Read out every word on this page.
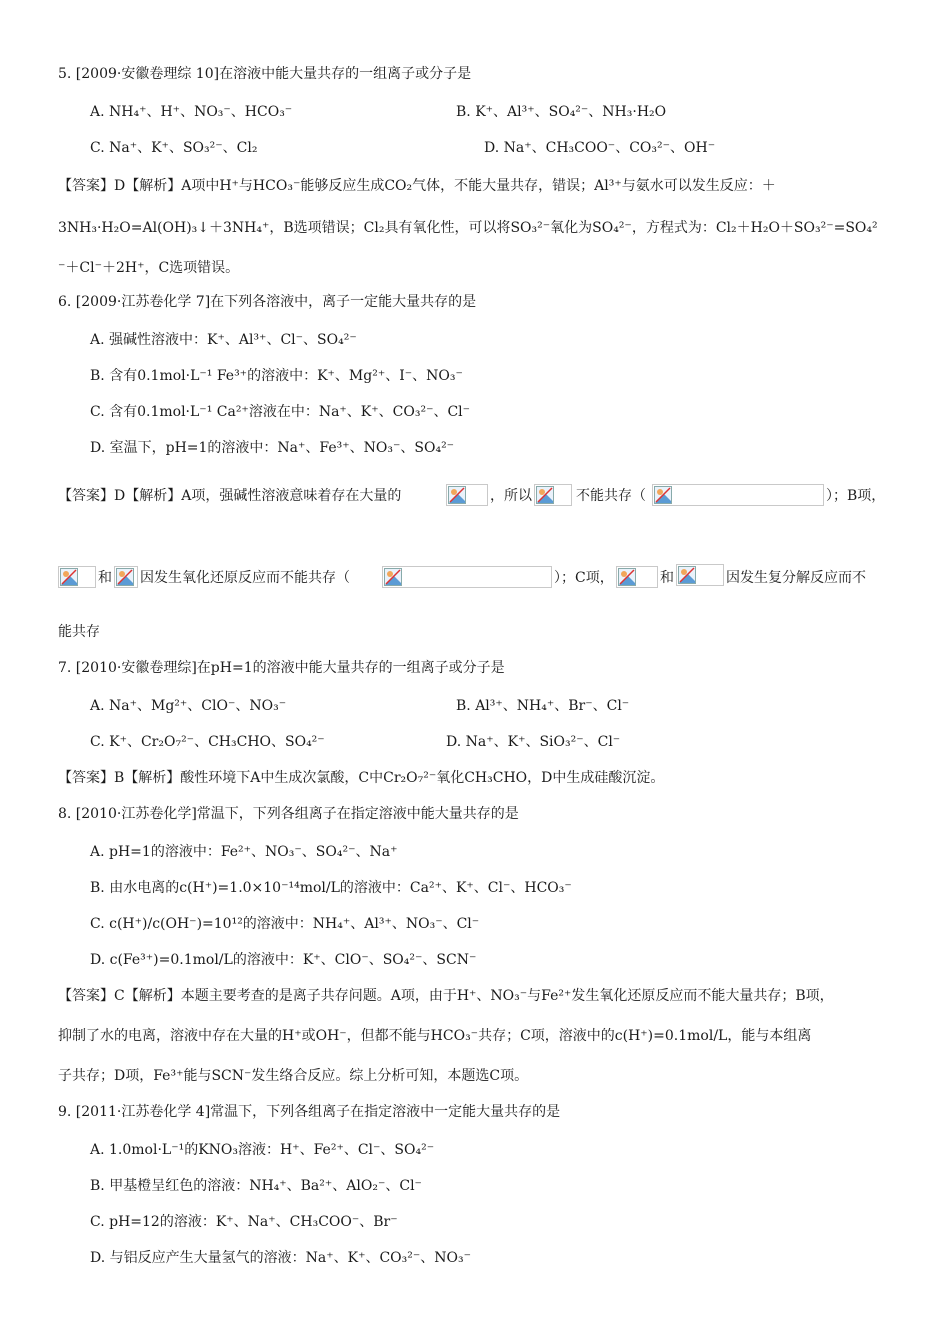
5. [2009·安徽卷理综 10]在溶液中能大量共存的一组离子或分子是
A. NH₄⁺、H⁺、NO₃⁻、HCO₃⁻	B. K⁺、Al³⁺、SO₄²⁻、NH₃·H₂O
C. Na⁺、K⁺、SO₃²⁻、Cl₂	D. Na⁺、CH₃COO⁻、CO₃²⁻、OH⁻
【答案】D【解析】A项中H⁺与HCO₃⁻能够反应生成CO₂气体，不能大量共存，错误；Al³⁺与氨水可以发生反应：＋
3NH₃·H₂O=Al(OH)₃↓＋3NH₄⁺，B选项错误；Cl₂具有氧化性，可以将SO₃²⁻氧化为SO₄²⁻，方程式为：Cl₂＋H₂O＋SO₃²⁻=SO₄²
⁻＋Cl⁻＋2H⁺，C选项错误。
6. [2009·江苏卷化学 7]在下列各溶液中，离子一定能大量共存的是
A. 强碱性溶液中：K⁺、Al³⁺、Cl⁻、SO₄²⁻
B. 含有0.1mol·L⁻¹ Fe³⁺的溶液中：K⁺、Mg²⁺、I⁻、NO₃⁻
C. 含有0.1mol·L⁻¹ Ca²⁺溶液在中：Na⁺、K⁺、CO₃²⁻、Cl⁻
D. 室温下，pH=1的溶液中：Na⁺、Fe³⁺、NO₃⁻、SO₄²⁻
【答案】D【解析】A项，强碱性溶液意味着存在大量的	，所以	不能共存（	）；B项，
和 因发生氧化还原反应而不能共存（	）；C项，	和	因发生复分解反应而不
能共存
7. [2010·安徽卷理综]在pH=1的溶液中能大量共存的一组离子或分子是
A. Na⁺、Mg²⁺、ClO⁻、NO₃⁻	B. Al³⁺、NH₄⁺、Br⁻、Cl⁻
C. K⁺、Cr₂O₇²⁻、CH₃CHO、SO₄²⁻	D. Na⁺、K⁺、SiO₃²⁻、Cl⁻
【答案】B【解析】酸性环境下A中生成次氯酸，C中Cr₂O₇²⁻氧化CH₃CHO，D中生成硅酸沉淀。
8. [2010·江苏卷化学]常温下，下列各组离子在指定溶液中能大量共存的是
A. pH=1的溶液中：Fe²⁺、NO₃⁻、SO₄²⁻、Na⁺
B. 由水电离的c(H⁺)=1.0×10⁻¹⁴mol/L的溶液中：Ca²⁺、K⁺、Cl⁻、HCO₃⁻
C. c(H⁺)/c(OH⁻)=10¹²的溶液中：NH₄⁺、Al³⁺、NO₃⁻、Cl⁻
D. c(Fe³⁺)=0.1mol/L的溶液中：K⁺、ClO⁻、SO₄²⁻、SCN⁻
【答案】C【解析】本题主要考查的是离子共存问题。A项，由于H⁺、NO₃⁻与Fe²⁺发生氧化还原反应而不能大量共存；B项，
抑制了水的电离，溶液中存在大量的H⁺或OH⁻，但都不能与HCO₃⁻共存；C项，溶液中的c(H⁺)=0.1mol/L，能与本组离
子共存；D项，Fe³⁺能与SCN⁻发生络合反应。综上分析可知，本题选C项。
9. [2011·江苏卷化学 4]常温下，下列各组离子在指定溶液中一定能大量共存的是
A. 1.0mol·L⁻¹的KNO₃溶液：H⁺、Fe²⁺、Cl⁻、SO₄²⁻
B. 甲基橙呈红色的溶液：NH₄⁺、Ba²⁺、AlO₂⁻、Cl⁻
C. pH=12的溶液：K⁺、Na⁺、CH₃COO⁻、Br⁻
D. 与铝反应产生大量氢气的溶液：Na⁺、K⁺、CO₃²⁻、NO₃⁻
